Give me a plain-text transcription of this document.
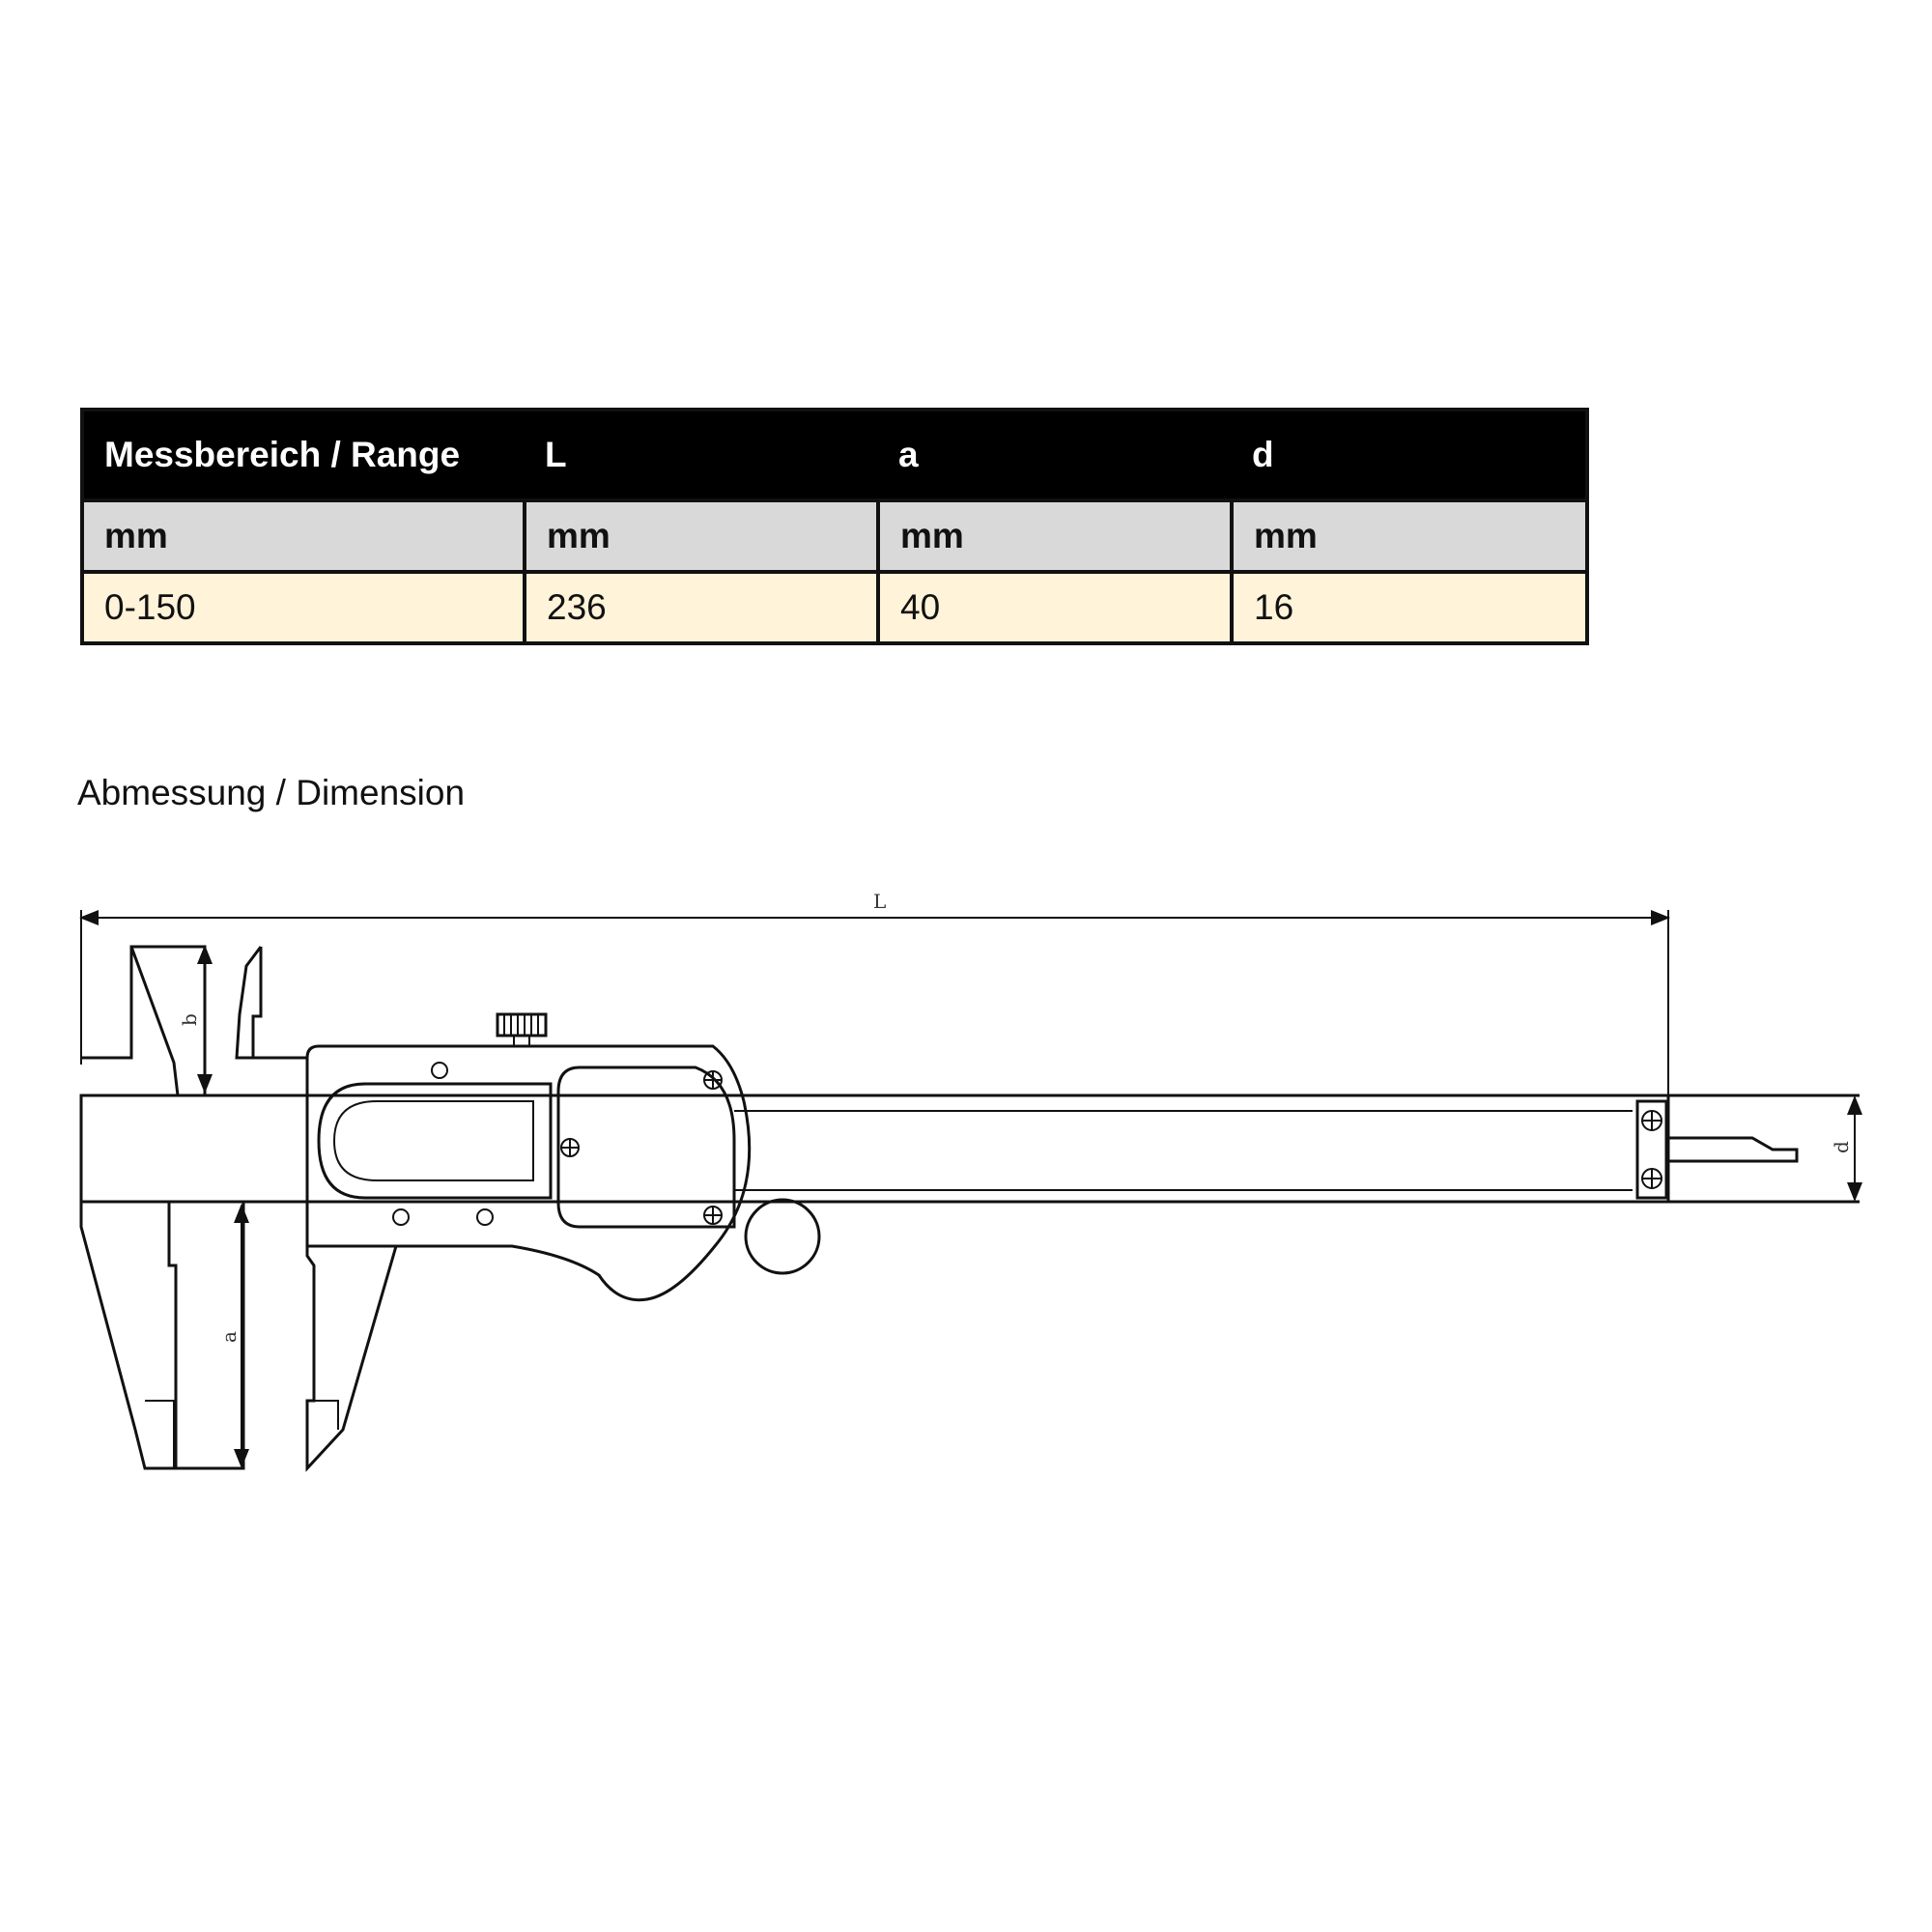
Messbereich / Range	L	a	d
mm	mm	mm	mm
0-150	236	40	16
Abmessung / Dimension
L
b
a
d
